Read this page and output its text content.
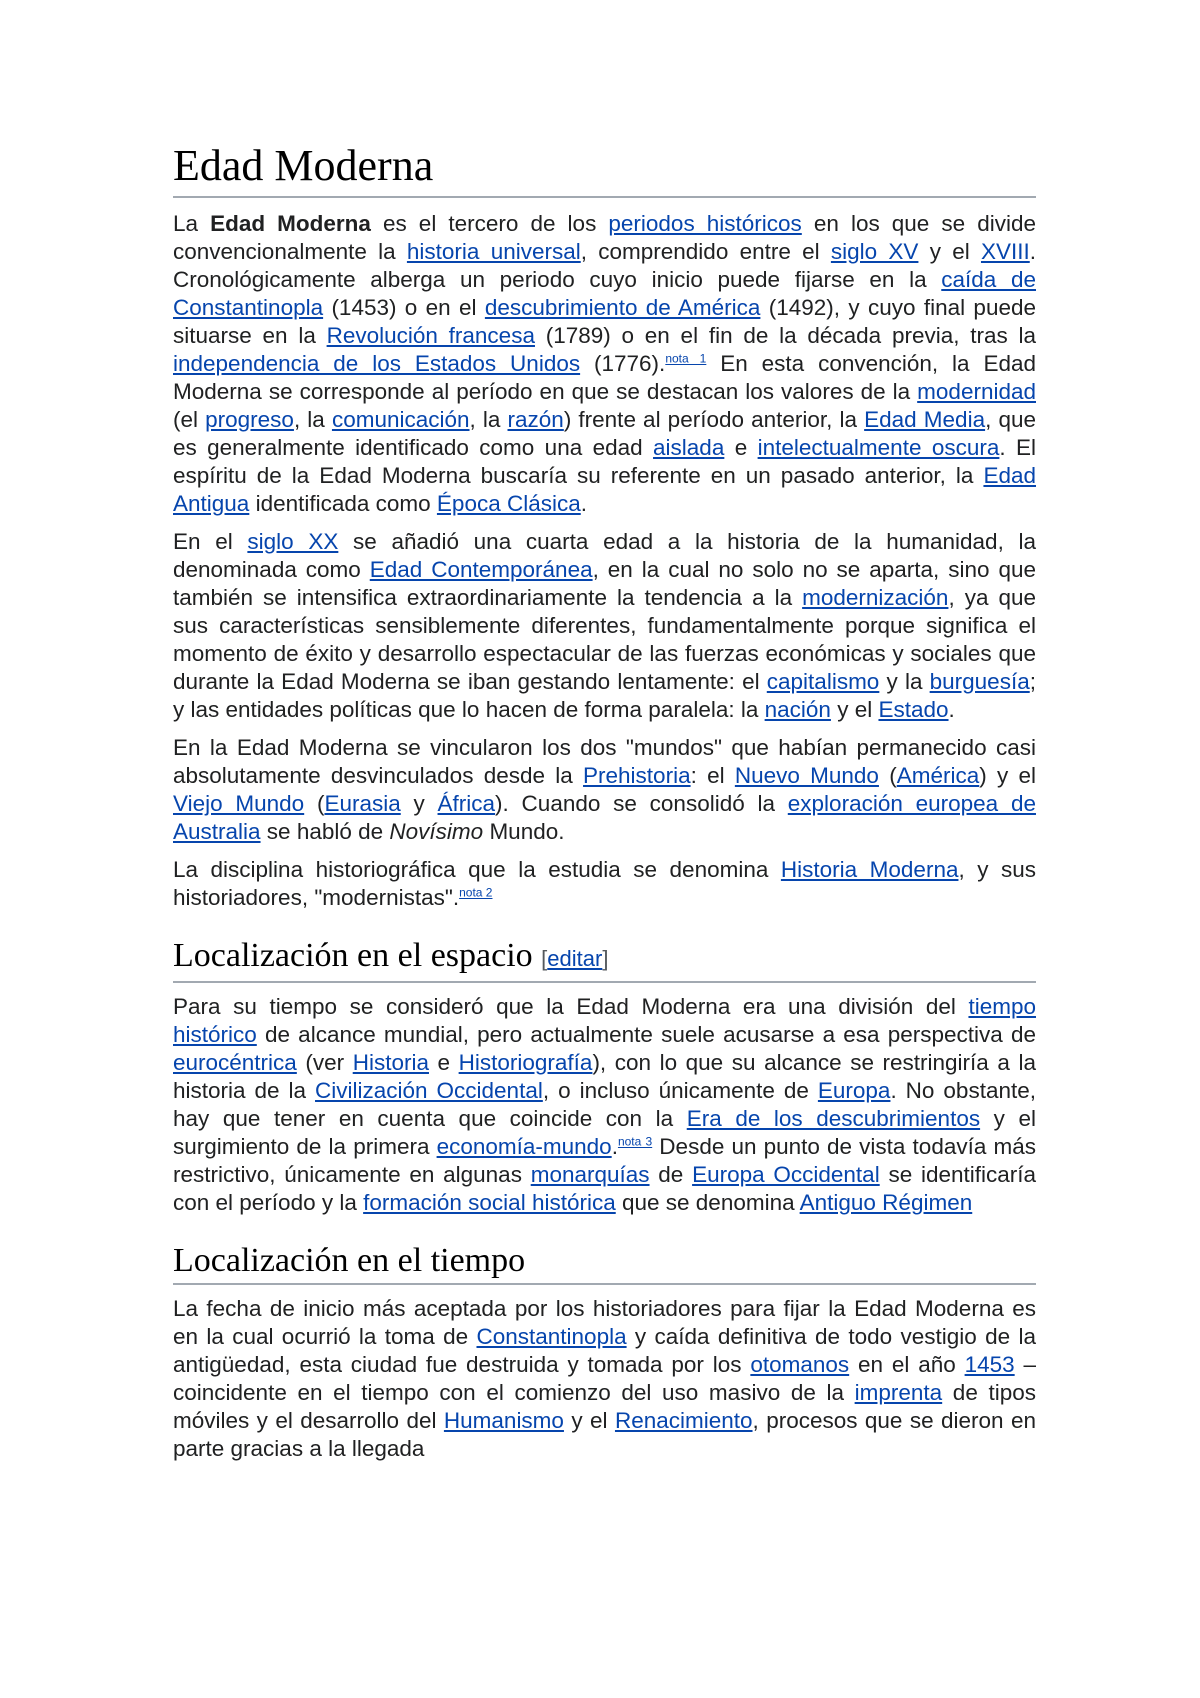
Edad Moderna

La Edad Moderna es el tercero de los periodos históricos en los que se divide convencionalmente la historia universal, comprendido entre el siglo XV y el XVIII. Cronológicamente alberga un periodo cuyo inicio puede fijarse en la caída de Constantinopla (1453) o en el descubrimiento de América (1492), y cuyo final puede situarse en la Revolución francesa (1789) o en el fin de la década previa, tras la independencia de los Estados Unidos (1776).$^{nota 1}$ En esta convención, la Edad Moderna se corresponde al período en que se destacan los valores de la modernidad (el progreso, la comunicación, la razón) frente al período anterior, la Edad Media, que es generalmente identificado como una edad aislada e intelectualmente oscura. El espíritu de la Edad Moderna buscaría su referente en un pasado anterior, la Edad Antigua identificada como Época Clásica.

En el siglo XX se añadió una cuarta edad a la historia de la humanidad, la denominada como Edad Contemporánea, en la cual no solo no se aparta, sino que también se intensifica extraordinariamente la tendencia a la modernización, ya que sus características sensiblemente diferentes, fundamentalmente porque significa el momento de éxito y desarrollo espectacular de las fuerzas económicas y sociales que durante la Edad Moderna se iban gestando lentamente: el capitalismo y la burguesía; y las entidades políticas que lo hacen de forma paralela: la nación y el Estado.

En la Edad Moderna se vincularon los dos "mundos" que habían permanecido casi absolutamente desvinculados desde la Prehistoria: el Nuevo Mundo (América) y el Viejo Mundo (Eurasia y África). Cuando se consolidó la exploración europea de Australia se habló de Novísimo Mundo.

La disciplina historiográfica que la estudia se denomina Historia Moderna, y sus historiadores, "modernistas".$^{nota 2}$

Localización en el espacio [editar]

Para su tiempo se consideró que la Edad Moderna era una división del tiempo histórico de alcance mundial, pero actualmente suele acusarse a esa perspectiva de eurocéntrica (ver Historia e Historiografía), con lo que su alcance se restringiría a la historia de la Civilización Occidental, o incluso únicamente de Europa. No obstante, hay que tener en cuenta que coincide con la Era de los descubrimientos y el surgimiento de la primera economía-mundo.$^{nota 3}$ Desde un punto de vista todavía más restrictivo, únicamente en algunas monarquías de Europa Occidental se identificaría con el período y la formación social histórica que se denomina Antiguo Régimen

Localización en el tiempo

La fecha de inicio más aceptada por los historiadores para fijar la Edad Moderna es en la cual ocurrió la toma de Constantinopla y caída definitiva de todo vestigio de la antigüedad, esta ciudad fue destruida y tomada por los otomanos en el año 1453 –coincidente en el tiempo con el comienzo del uso masivo de la imprenta de tipos móviles y el desarrollo del Humanismo y el Renacimiento, procesos que se dieron en parte gracias a la llegada
